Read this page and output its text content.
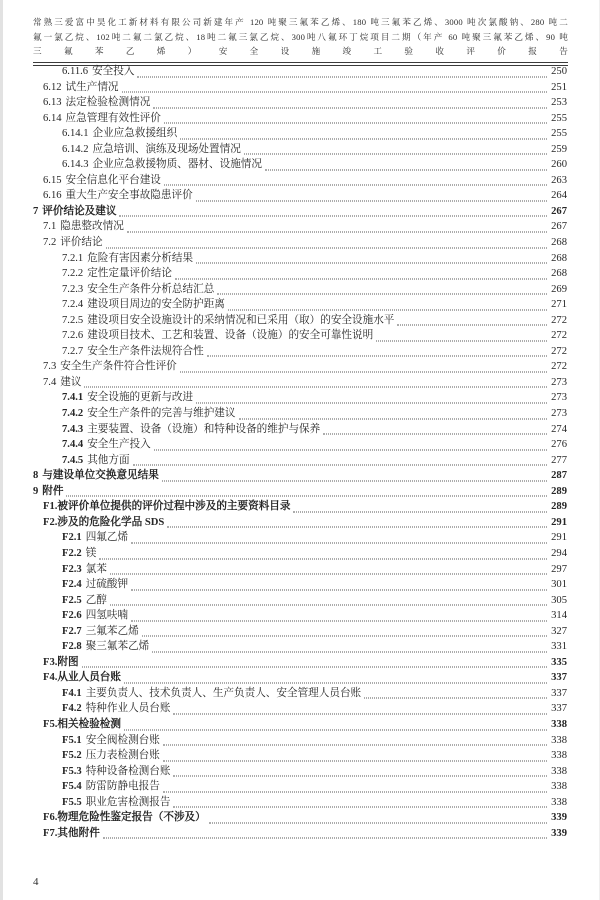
常熟三爱富中昊化工新材料有限公司新建年产 120 吨聚三氟苯乙烯、180 吨三氟苯乙烯、3000 吨次氯酸钠、280 吨二
氟一氯乙烷、102吨二氟二氯乙烷、18吨二氟三氯乙烷、300吨八氟环丁烷项目二期（年产 60 吨聚三氟苯乙烯、90 吨
三氟苯乙烯）安全设施竣工验收评价报告
6.11.6 安全投入	250
6.12 试生产情况	251
6.13 法定检验检测情况	253
6.14 应急管理有效性评价	255
6.14.1 企业应急救援组织	255
6.14.2 应急培训、演练及现场处置情况	259
6.14.3 企业应急救援物质、器材、设施情况	260
6.15 安全信息化平台建设	263
6.16 重大生产安全事故隐患评价	264
7 评价结论及建议	267
7.1 隐患整改情况	267
7.2 评价结论	268
7.2.1 危险有害因素分析结果	268
7.2.2 定性定量评价结论	268
7.2.3 安全生产条件分析总结汇总	269
7.2.4 建设项目周边的安全防护距离	271
7.2.5 建设项目安全设施设计的采纳情况和已采用（取）的安全设施水平	272
7.2.6 建设项目技术、工艺和装置、设备（设施）的安全可靠性说明	272
7.2.7 安全生产条件法规符合性	272
7.3 安全生产条件符合性评价	272
7.4 建议	273
7.4.1 安全设施的更新与改进	273
7.4.2 安全生产条件的完善与维护建议	273
7.4.3 主要装置、设备（设施）和特种设备的维护与保养	274
7.4.4 安全生产投入	276
7.4.5 其他方面	277
8 与建设单位交换意见结果	287
9 附件	289
F1. 被评价单位提供的评价过程中涉及的主要资料目录	289
F2. 涉及的危险化学品 SDS	291
F2.1 四氟乙烯	291
F2.2 镁	294
F2.3 氯苯	297
F2.4 过硫酸钾	301
F2.5 乙醇	305
F2.6 四氢呋喃	314
F2.7 三氟苯乙烯	327
F2.8 聚三氟苯乙烯	331
F3. 附图	335
F4. 从业人员台账	337
F4.1 主要负责人、技术负责人、生产负责人、安全管理人员台账	337
F4.2 特种作业人员台账	337
F5. 相关检验检测	338
F5.1 安全阀检测台账	338
F5.2 压力表检测台账	338
F5.3 特种设备检测台账	338
F5.4 防雷防静电报告	338
F5.5 职业危害检测报告	338
F6. 物理危险性鉴定报告（不涉及）	339
F7. 其他附件	339
4
